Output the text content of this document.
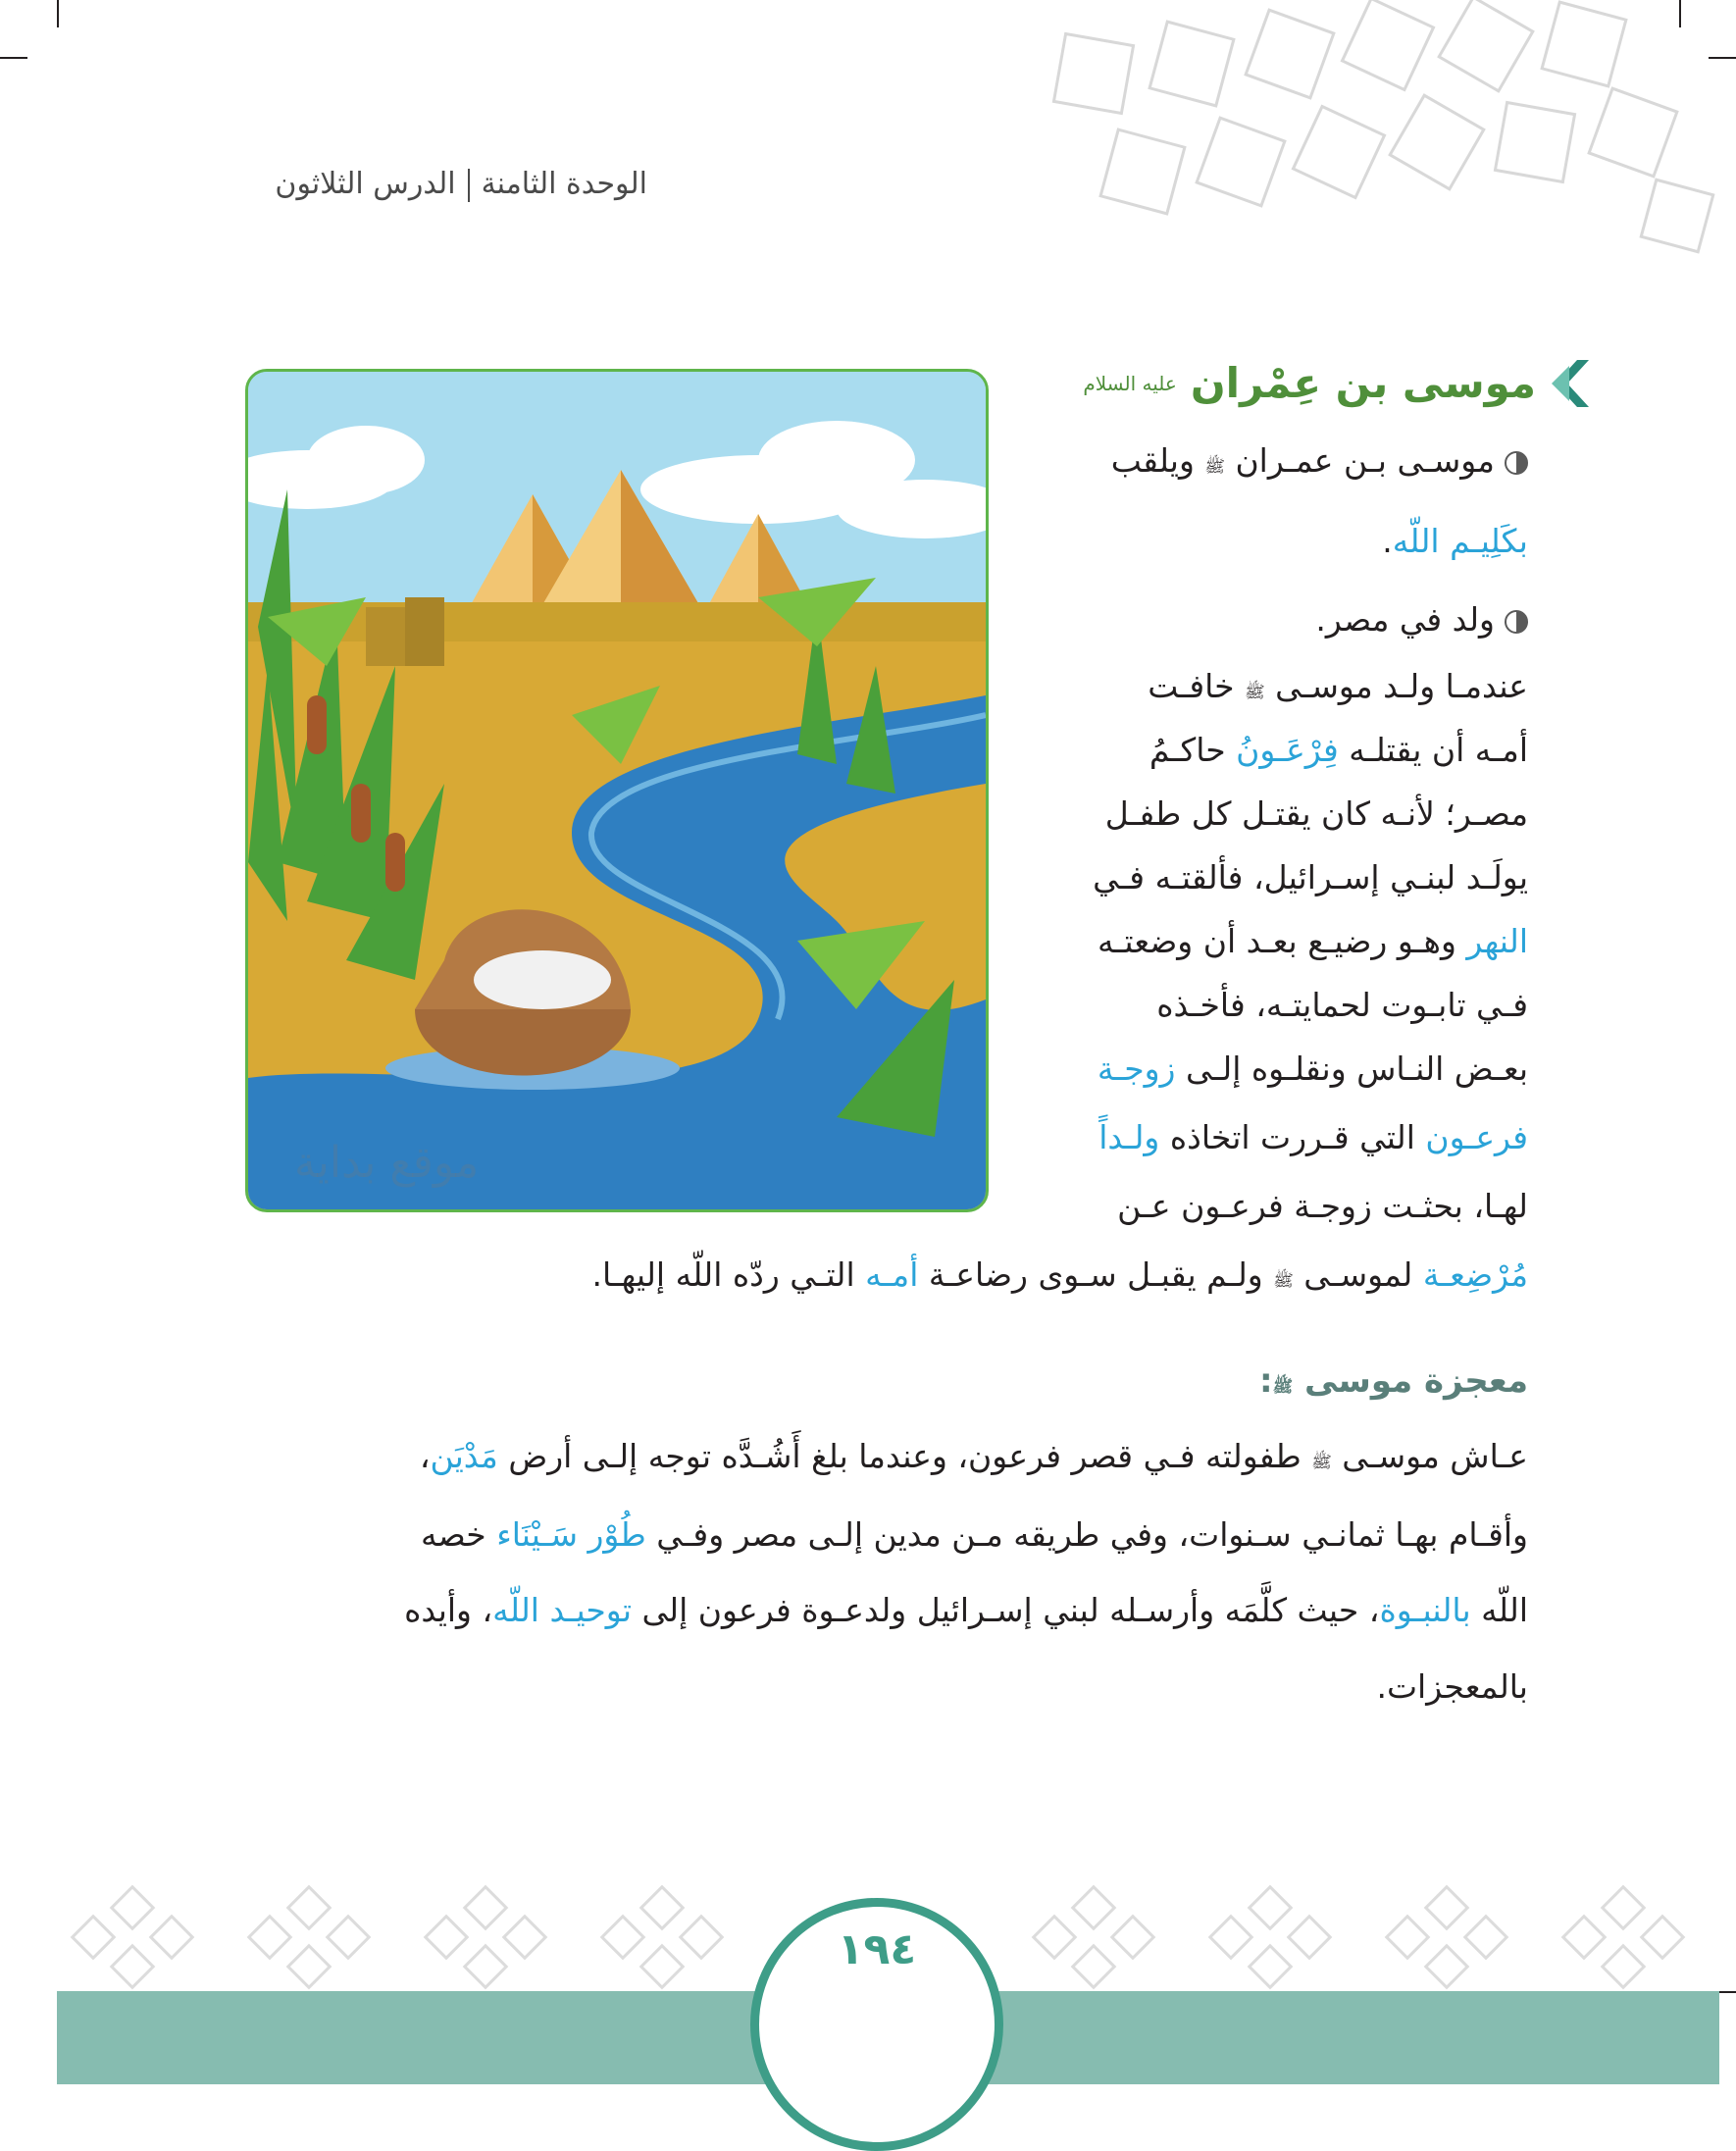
الوحدة الثامنةالدرس الثلاثون
موسى بن عِمْران
عليه السلام
موسـى بـن عمـران ﷺ ويلقب
بكَلِيـم اللّه.
ولد في مصر.
عندمـا ولـد موسـى ﷺ خافـت
أمـه أن يقتلـه فِرْعَـونُ حاكـمُ
مصـر؛ لأنـه كان يقتـل كل طفـل
يولَـد لبنـي إسـرائيل، فألقتـه فـي
النهر وهـو رضيـع بعـد أن وضعتـه
فـي تابـوت لحمايتـه، فأخـذه
بعـض النـاس ونقلـوه إلـى زوجـة
فرعـون التي قـررت اتخاذه ولـداً
لهـا، بحثـت زوجـة فرعـون عـن
مُرْضِعـة لموسـى ﷺ ولـم يقبـل سـوى رضاعـة أمـه التـي ردّه اللّه إليهـا.
معجزة موسى ﷺ:
عـاش موسـى ﷺ طفولته فـي قصر فرعون، وعندما بلغ أَشُـدَّه توجه إلـى أرض مَدْيَن،
وأقـام بهـا ثمانـي سـنوات، وفي طريقه مـن مدين إلـى مصر وفـي طُوْر سَـيْنَاء خصه
اللّه بالنبـوة، حيث كلَّمَه وأرسـله لبني إسـرائيل ولدعـوة فرعون إلى توحيـد اللّه، وأيده
بالمعجزات.
موقع بداية
١٩٤
